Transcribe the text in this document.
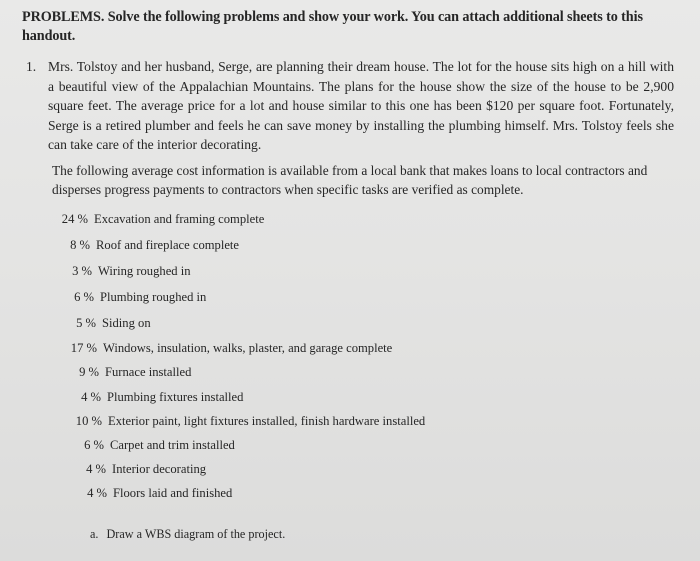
PROBLEMS. Solve the following problems and show your work. You can attach additional sheets to this handout.
1. Mrs. Tolstoy and her husband, Serge, are planning their dream house. The lot for the house sits high on a hill with a beautiful view of the Appalachian Mountains. The plans for the house show the size of the house to be 2,900 square feet. The average price for a lot and house similar to this one has been $120 per square foot. Fortunately, Serge is a retired plumber and feels he can save money by installing the plumbing himself. Mrs. Tolstoy feels she can take care of the interior decorating.
The following average cost information is available from a local bank that makes loans to local contractors and disperses progress payments to contractors when specific tasks are verified as complete.
24 % Excavation and framing complete
8 % Roof and fireplace complete
3 % Wiring roughed in
6 % Plumbing roughed in
5 % Siding on
17 % Windows, insulation, walks, plaster, and garage complete
9 % Furnace installed
4 % Plumbing fixtures installed
10 % Exterior paint, light fixtures installed, finish hardware installed
6 % Carpet and trim installed
4 % Interior decorating
4 % Floors laid and finished
a. Draw a WBS diagram of the project.
